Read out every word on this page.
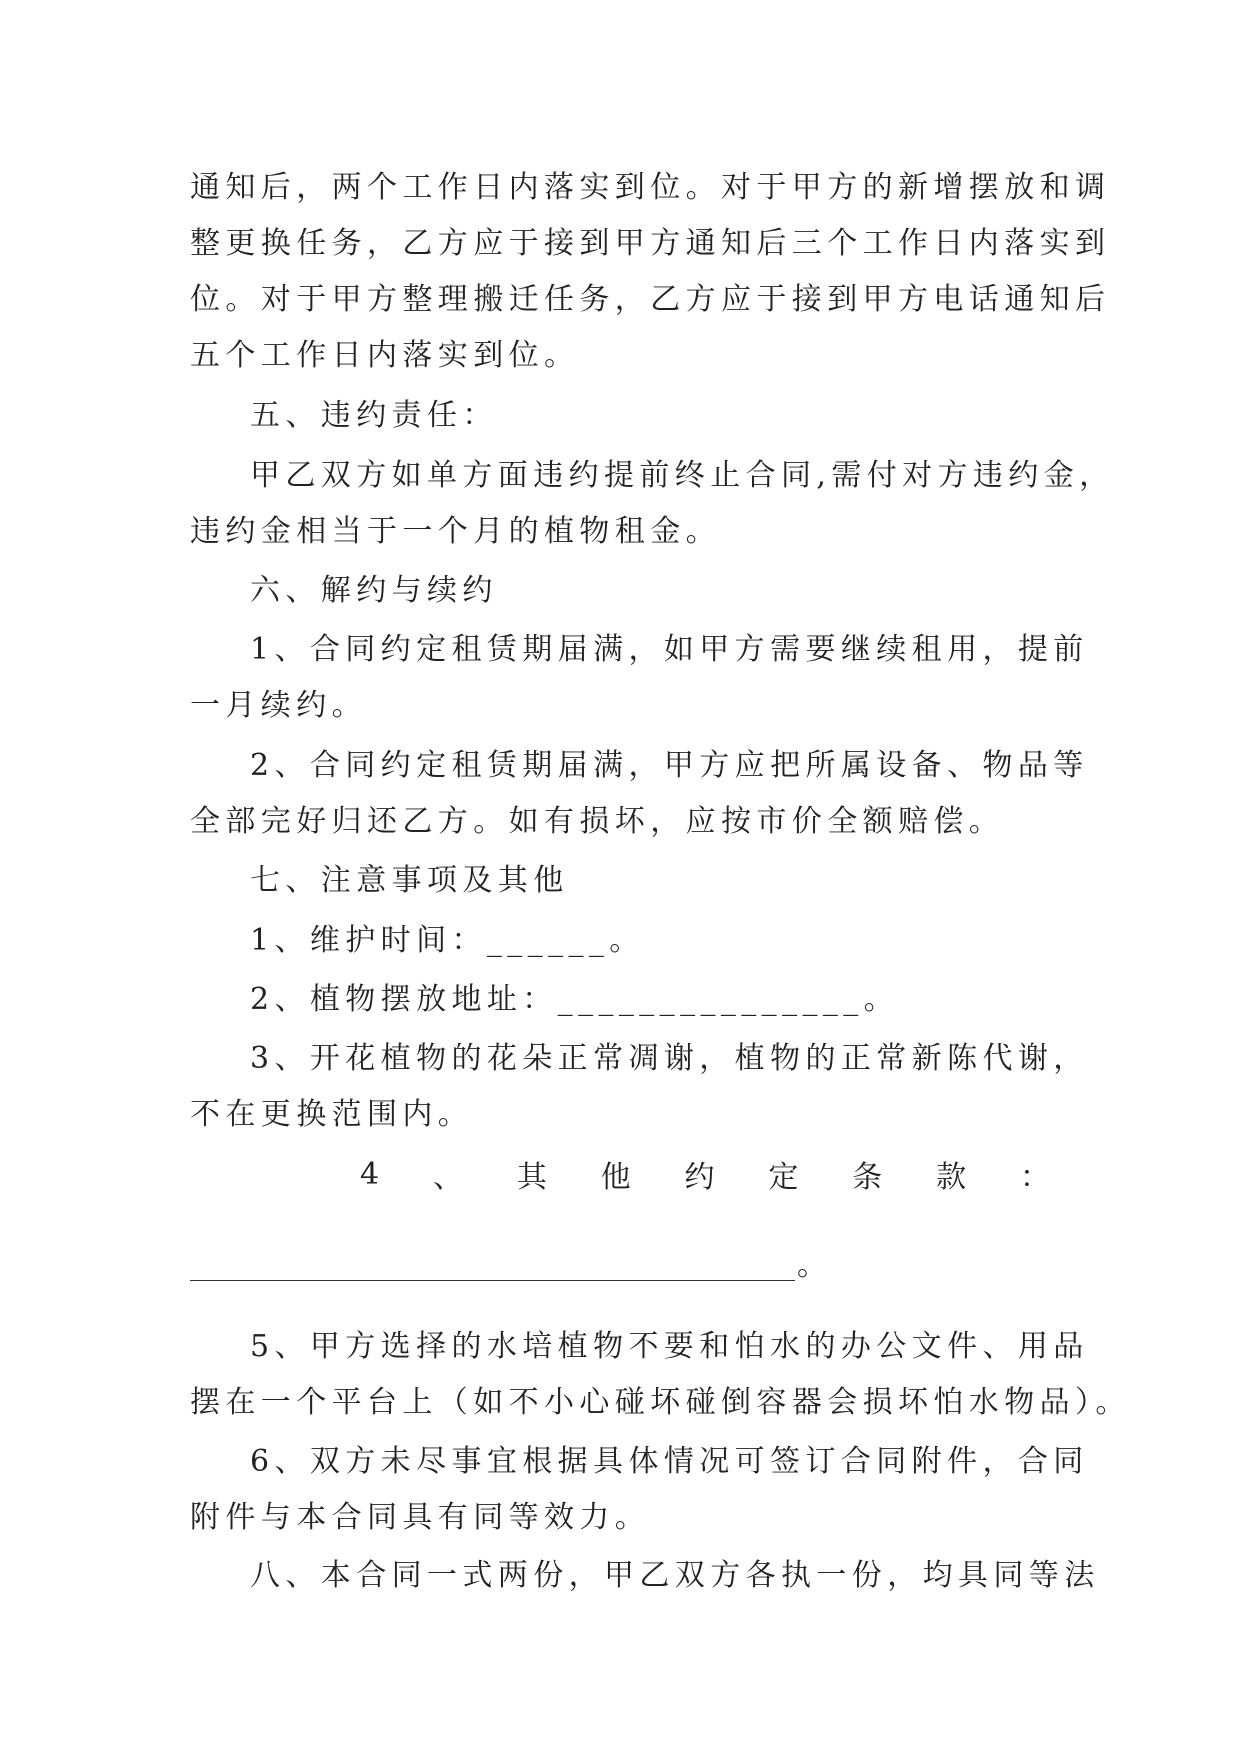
通知后，两个工作日内落实到位。对于甲方的新增摆放和调
整更换任务，乙方应于接到甲方通知后三个工作日内落实到
位。对于甲方整理搬迁任务，乙方应于接到甲方电话通知后
五个工作日内落实到位。
五、违约责任：
甲乙双方如单方面违约提前终止合同,需付对方违约金，
违约金相当于一个月的植物租金。
六、解约与续约
1、合同约定租赁期届满，如甲方需要继续租用，提前
一月续约。
2、合同约定租赁期届满，甲方应把所属设备、物品等
全部完好归还乙方。如有损坏，应按市价全额赔偿。
七、注意事项及其他
1、维护时间：______。
2、植物摆放地址：_______________。
3、开花植物的花朵正常凋谢，植物的正常新陈代谢，
不在更换范围内。
4 、 其 他 约 定 条 款 ：
。
5、甲方选择的水培植物不要和怕水的办公文件、用品
摆在一个平台上（如不小心碰坏碰倒容器会损坏怕水物品）。
6、双方未尽事宜根据具体情况可签订合同附件，合同
附件与本合同具有同等效力。
八、本合同一式两份，甲乙双方各执一份，均具同等法
